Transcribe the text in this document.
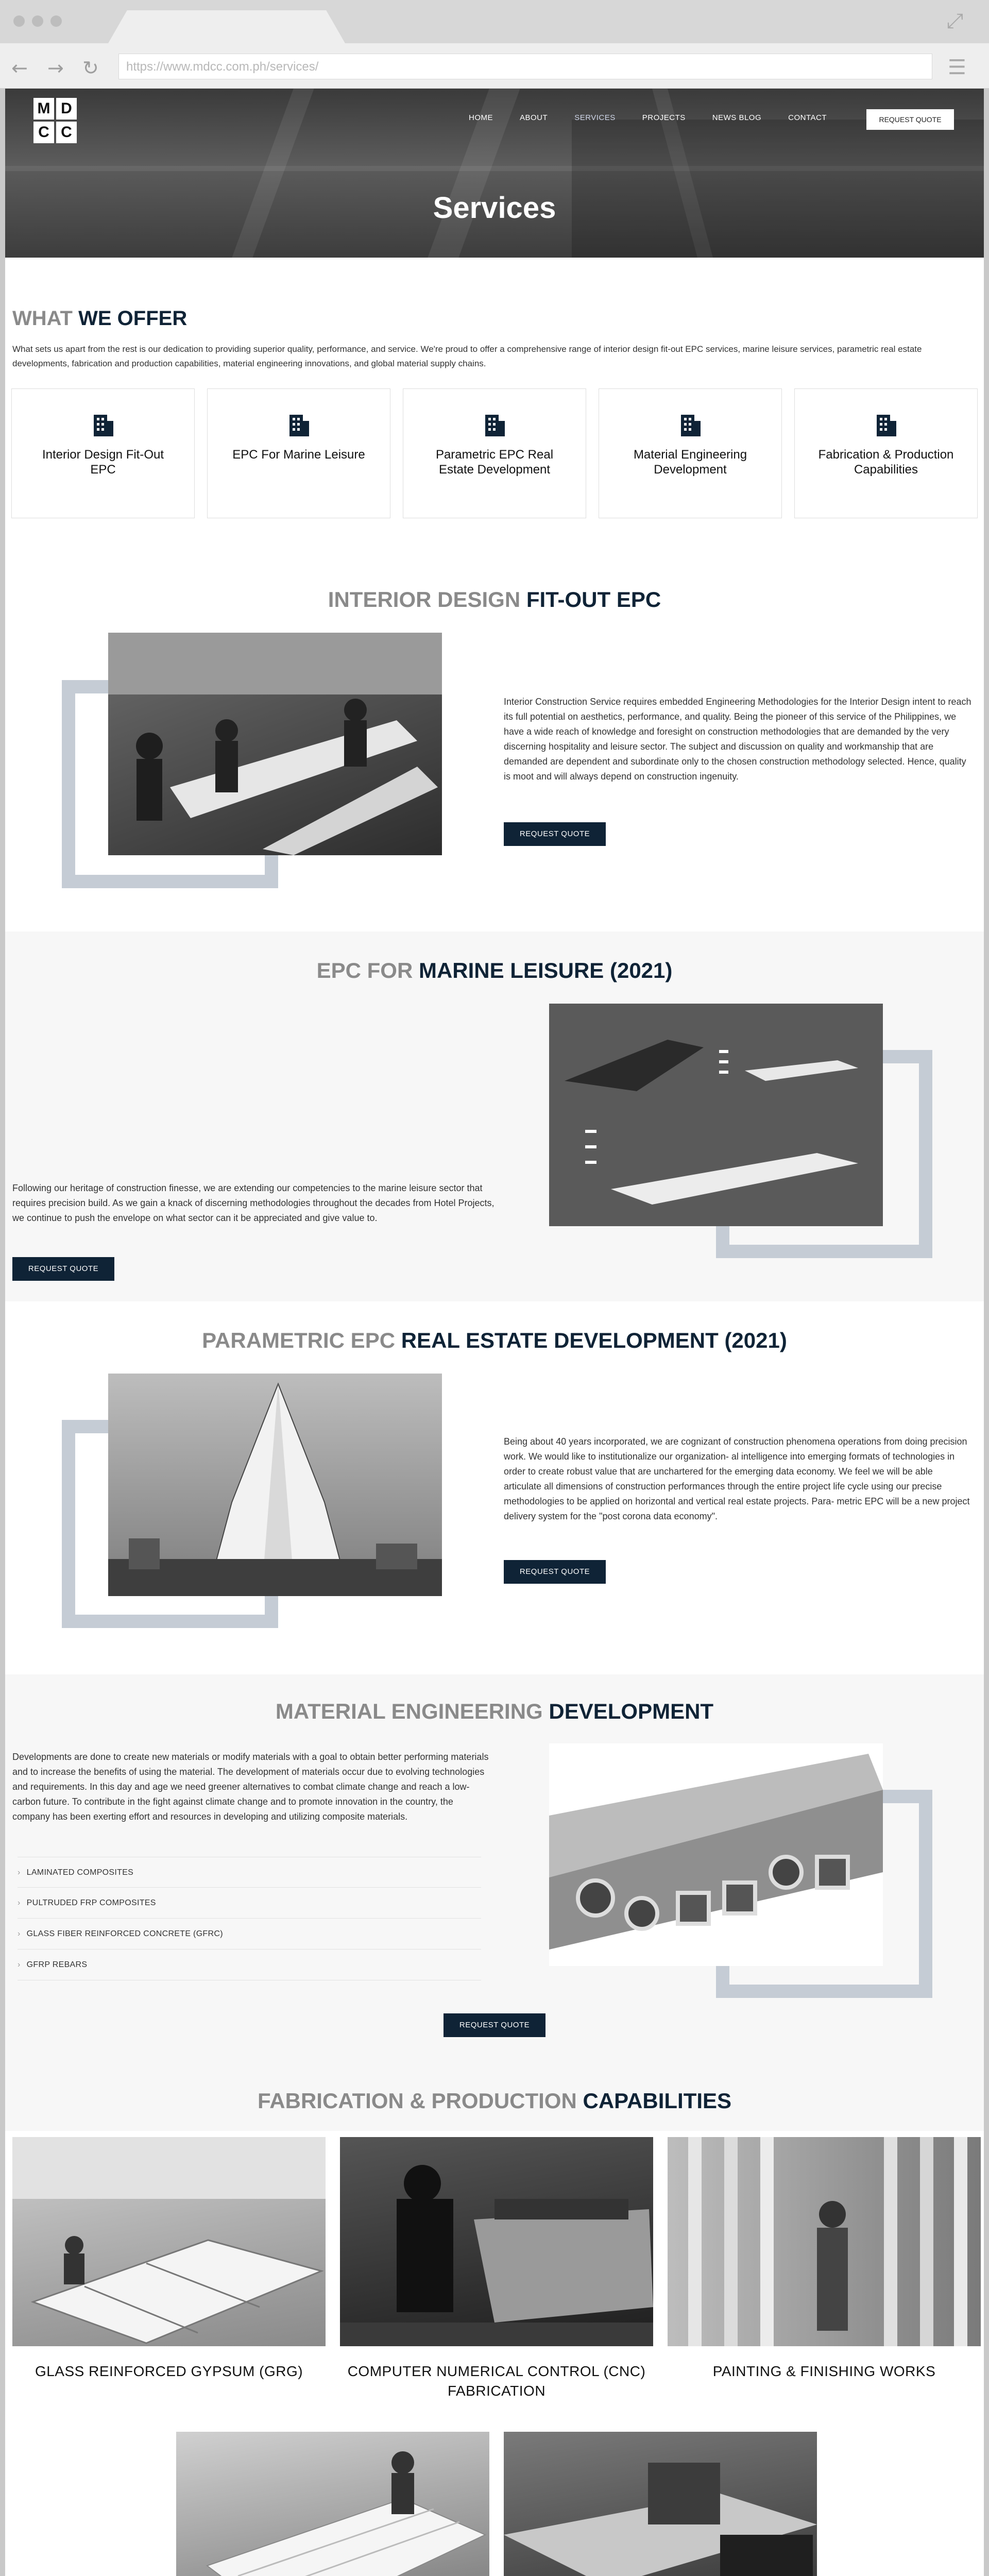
⤢
← → ↻	https://www.mdcc.com.ph/services/	☰
M D
C C
HOME	ABOUT	SERVICES	PROJECTS	NEWS BLOG	CONTACT	REQUEST QUOTE
Services
WHAT WE OFFER
What sets us apart from the rest is our dedication to providing superior quality, performance, and service. We're proud to offer a comprehensive range of interior design fit-out EPC services, marine leisure services, parametric real estate developments, fabrication and production capabilities, material engineering innovations, and global material supply chains.
Interior Design Fit-Out EPC
EPC For Marine Leisure	Parametric EPC Real Estate Development
Material Engineering Development
Fabrication & Production Capabilities
INTERIOR DESIGN FIT-OUT EPC
Interior Construction Service requires embedded Engineering Methodologies for the Interior Design intent to reach its full potential on aesthetics, performance, and quality. Being the pioneer of this service of the Philippines, we have a wide reach of knowledge and foresight on construction methodologies that are demanded by the very discerning hospitality and leisure sector. The subject and discussion on quality and workmanship that are demanded are dependent and subordinate only to the chosen construction methodology selected. Hence, quality is moot and will always depend on construction ingenuity.
REQUEST QUOTE
EPC FOR MARINE LEISURE (2021)
Following our heritage of construction finesse, we are extending our competencies to the marine leisure sector that requires precision build. As we gain a knack of discerning methodologies throughout the decades from Hotel Projects, we continue to push the envelope on what sector can it be appreciated and give value to.
REQUEST QUOTE
PARAMETRIC EPC REAL ESTATE DEVELOPMENT (2021)
Being about 40 years incorporated, we are cognizant of construction phenomena operations from doing precision work. We would like to institutionalize our organization- al intelligence into emerging formats of technologies in order to create robust value that are unchartered for the emerging data economy. We feel we will be able articulate all dimensions of construction performances through the entire project life cycle using our precise methodologies to be applied on horizontal and vertical real estate projects. Para- metric EPC will be a new project delivery system for the "post corona data economy".
REQUEST QUOTE
MATERIAL ENGINEERING DEVELOPMENT
Developments are done to create new materials or modify materials with a goal to obtain better performing materials and to increase the benefits of using the material. The development of materials occur due to evolving technologies and requirements. In this day and age we need greener alternatives to combat climate change and reach a low-carbon future. To contribute in the fight against climate change and to promote innovation in the country, the company has been exerting effort and resources in developing and utilizing composite materials.
› LAMINATED COMPOSITES
› PULTRUDED FRP COMPOSITES
› GLASS FIBER REINFORCED CONCRETE (GFRC)
› GFRP REBARS
REQUEST QUOTE
FABRICATION & PRODUCTION CAPABILITIES
GLASS REINFORCED GYPSUM (GRG)	COMPUTER NUMERICAL CONTROL (CNC) FABRICATION
PAINTING & FINISHING WORKS
